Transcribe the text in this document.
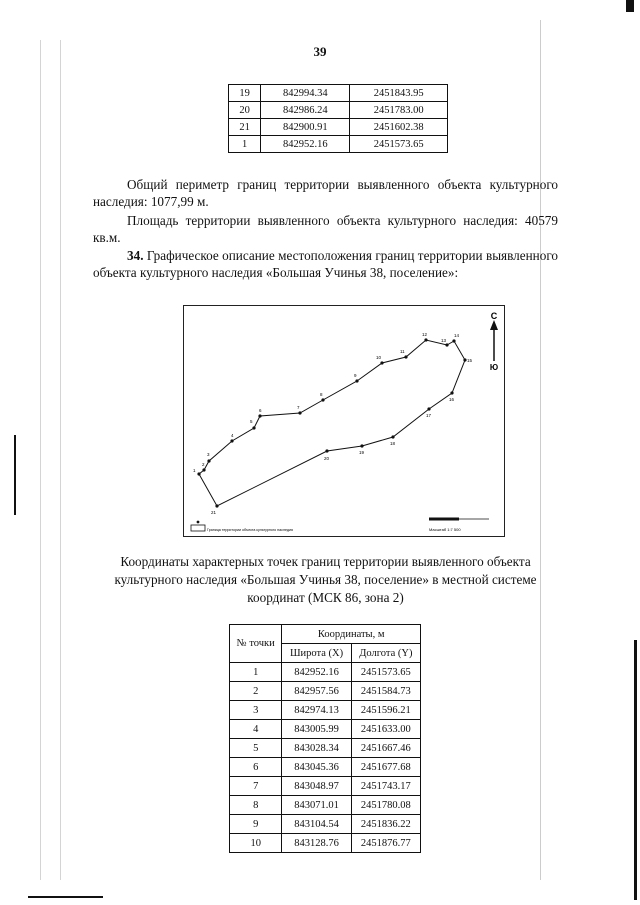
39
19	842994.34	2451843.95
20	842986.24	2451783.00
21	842900.91	2451602.38
1	842952.16	2451573.65

Общий периметр границ территории выявленного объекта культурного наследия: 1077,99 м.

Площадь территории выявленного объекта культурного наследия: 40579 кв.м.

34. Графическое описание местоположения границ территории выявленного объекта культурного наследия «Большая Учинья 38, поселение»:

1
2
3
4
5
6
7
8
9
10
11
12
13
14
15
16
17
18
19
20
21
С
Ю
Граница территории объекта культурного наследия	Масштаб 1:7 500

Координаты характерных точек границ территории выявленного объекта культурного наследия «Большая Учинья 38, поселение» в местной системе координат (МСК 86, зона 2)

№ точки	Координаты, м	
	Широта (X)	Долгота (Y)
1	842952.16	2451573.65
2	842957.56	2451584.73
3	842974.13	2451596.21
4	843005.99	2451633.00
5	843028.34	2451667.46
6	843045.36	2451677.68
7	843048.97	2451743.17
8	843071.01	2451780.08
9	843104.54	2451836.22
10	843128.76	2451876.77
